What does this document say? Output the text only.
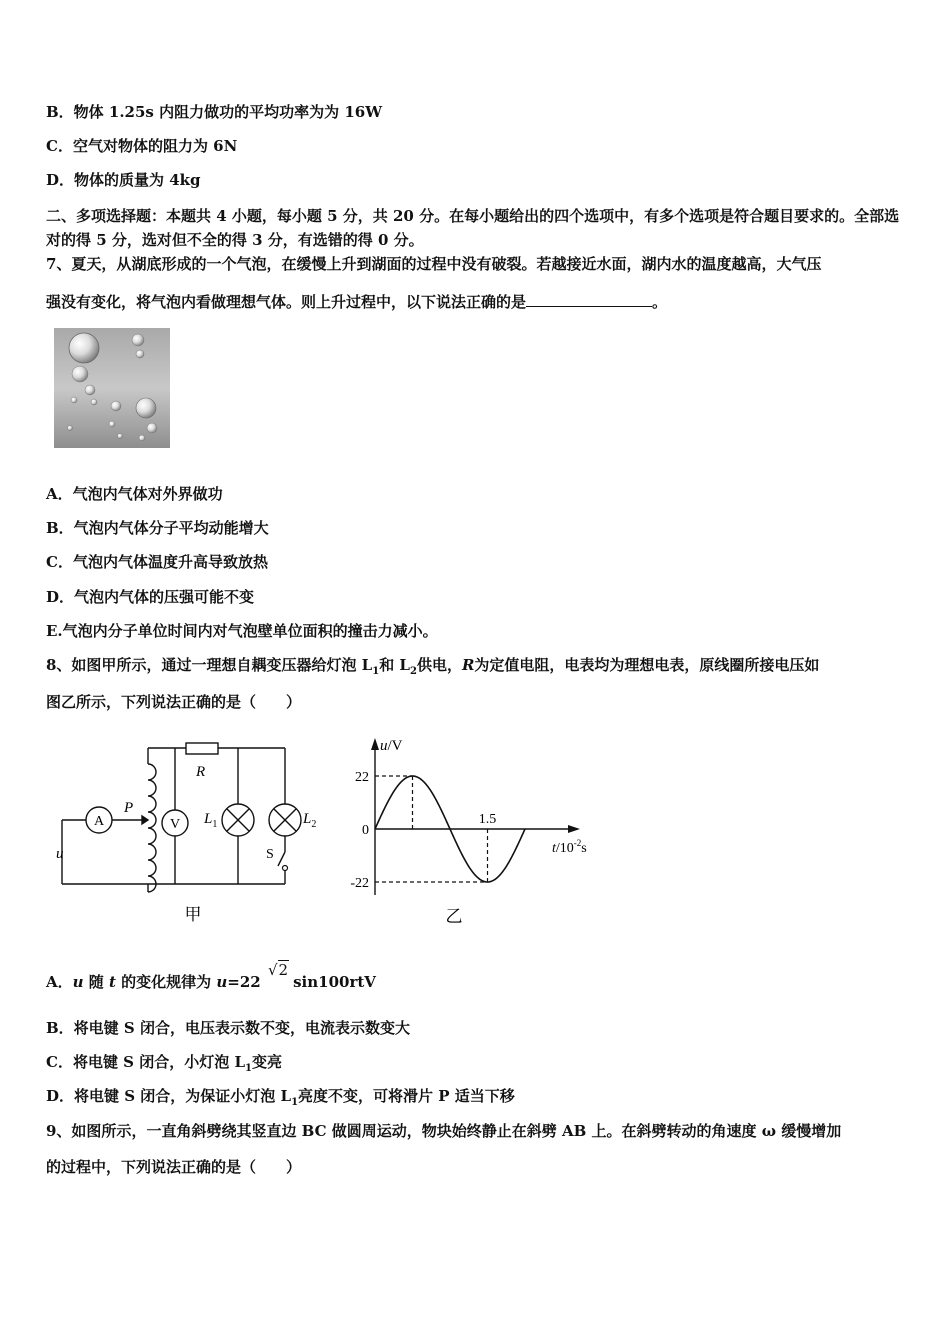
B．物体 1.25s 内阻力做功的平均功率为为 16W
C．空气对物体的阻力为 6N
D．物体的质量为 4kg
二、多项选择题：本题共 4 小题，每小题 5 分，共 20 分。在每小题给出的四个选项中，有多个选项是符合题目要求的。全部选对的得 5 分，选对但不全的得 3 分，有选错的得 0 分。
7、夏天，从湖底形成的一个气泡，在缓慢上升到湖面的过程中没有破裂。若越接近水面，湖内水的温度越高，大气压
强没有变化，将气泡内看做理想气体。则上升过程中，以下说法正确的是	。
A．气泡内气体对外界做功
B．气泡内气体分子平均动能增大
C．气泡内气体温度升高导致放热
D．气泡内气体的压强可能不变
E.气泡内分子单位时间内对气泡壁单位面积的撞击力减小。
8、如图甲所示，通过一理想自耦变压器给灯泡 $L_1$和 $L_2$供电，R为定值电阻，电表均为理想电表，原线圈所接电压如
图乙所示，下列说法正确的是（　　）
A	V
R
P
$L_1$	$L_2$
S
u
甲
22
0
-22
1.5
u/V
$t/10^{-2}s$
乙
A．u 随 t 的变化规律为 u=22 √2sin100rtV
B．将电键 S 闭合，电压表示数不变，电流表示数变大
C．将电键 S 闭合，小灯泡 $L_1$变亮
D．将电键 S 闭合，为保证小灯泡 $L_1$亮度不变，可将滑片 P 适当下移
9、如图所示，一直角斜劈绕其竖直边 BC 做圆周运动，物块始终静止在斜劈 AB 上。在斜劈转动的角速度 ω 缓慢增加
的过程中，下列说法正确的是（　　）
